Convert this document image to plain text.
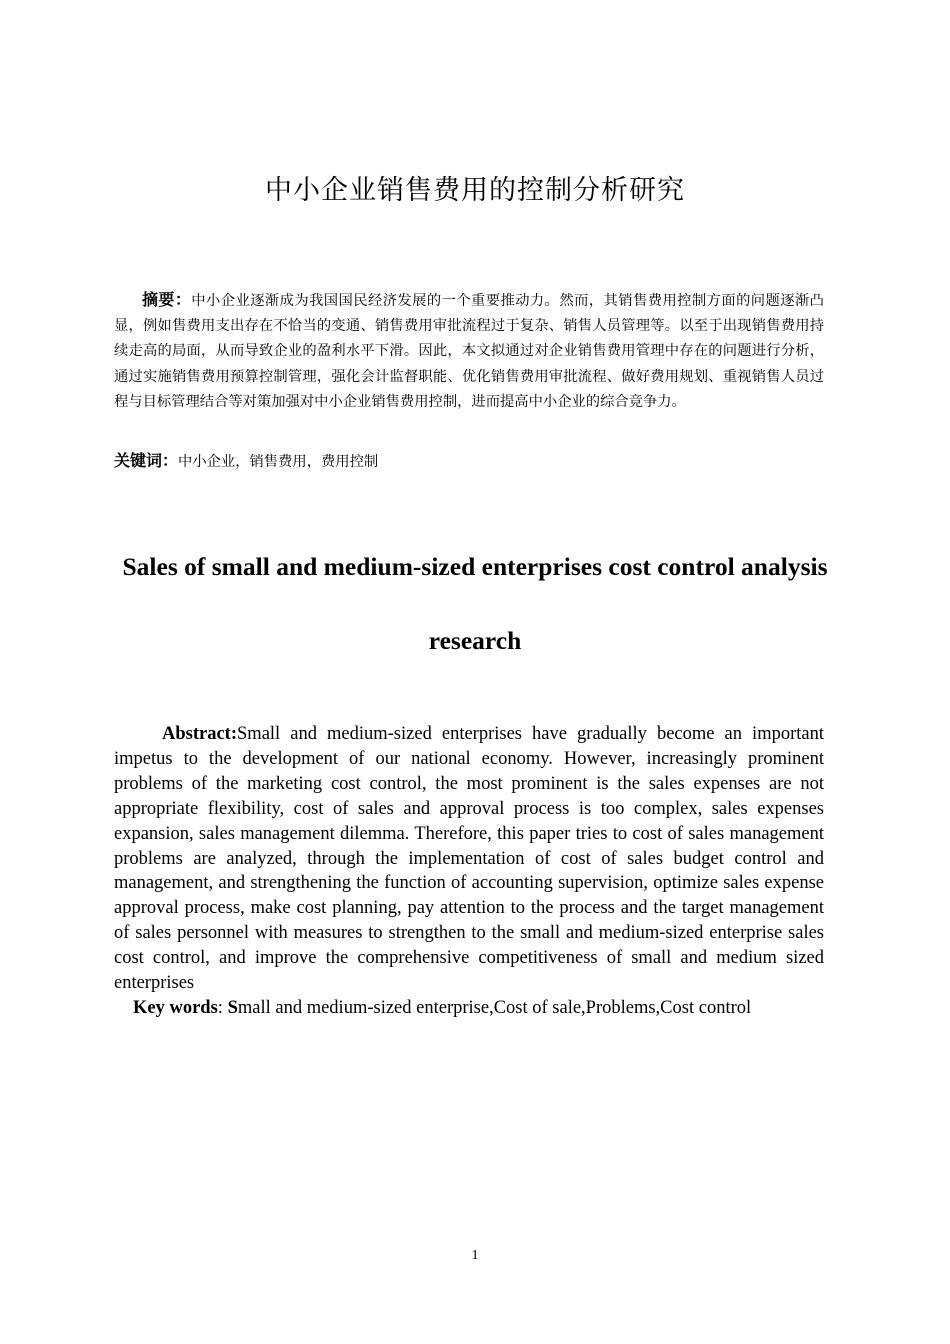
中小企业销售费用的控制分析研究
摘要：中小企业逐渐成为我国国民经济发展的一个重要推动力。然而，其销售费用控制方面的问题逐渐凸显，例如售费用支出存在不恰当的变通、销售费用审批流程过于复杂、销售人员管理等。以至于出现销售费用持续走高的局面，从而导致企业的盈利水平下滑。因此，本文拟通过对企业销售费用管理中存在的问题进行分析，通过实施销售费用预算控制管理，强化会计监督职能、优化销售费用审批流程、做好费用规划、重视销售人员过程与目标管理结合等对策加强对中小企业销售费用控制，进而提高中小企业的综合竞争力。
关键词：中小企业，销售费用，费用控制
Sales of small and medium-sized enterprises cost control analysis
research
Abstract:Small and medium-sized enterprises have gradually become an important impetus to the development of our national economy. However, increasingly prominent problems of the marketing cost control, the most prominent is the sales expenses are not appropriate flexibility, cost of sales and approval process is too complex, sales expenses expansion, sales management dilemma. Therefore, this paper tries to cost of sales management problems are analyzed, through the implementation of cost of sales budget control and management, and strengthening the function of accounting supervision, optimize sales expense approval process, make cost planning, pay attention to the process and the target management of sales personnel with measures to strengthen to the small and medium-sized enterprise sales cost control, and improve the comprehensive competitiveness of small and medium sized enterprises
Key words: Small and medium-sized enterprise,Cost of sale,Problems,Cost control
1
